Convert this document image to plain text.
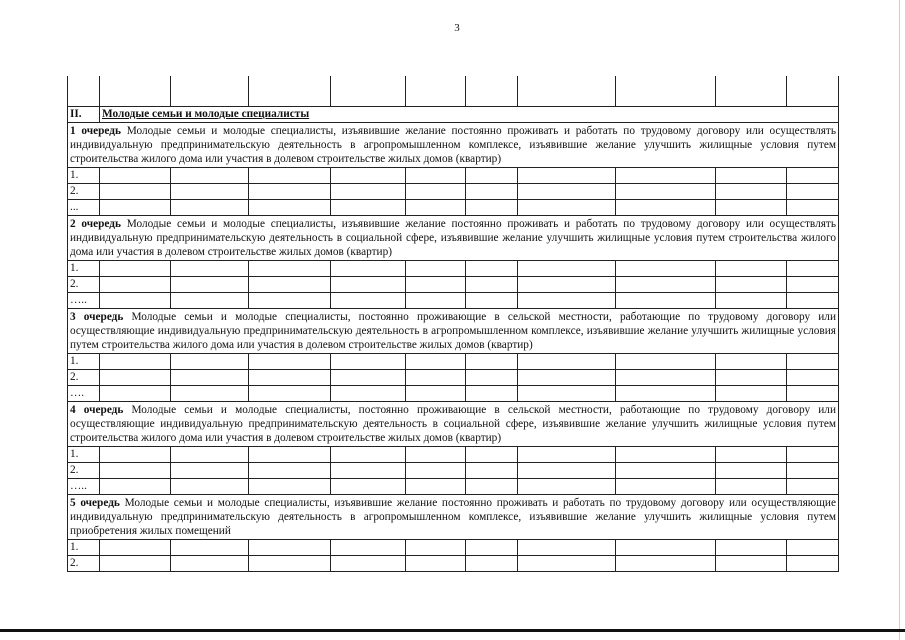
3

II.	Молодые семьи и молодые специалисты									
1 очередь Молодые семьи и молодые специалисты, изъявившие желание постоянно проживать и работать по трудовому договору или осуществлять индивидуальную предпринимательскую деятельность в агропромышленном комплексе, изъявившие желание улучшить жилищные условия путем строительства жилого дома или участия в долевом строительстве жилых домов (квартир)										
1.										
2.										
...										
2 очередь Молодые семьи и молодые специалисты, изъявившие желание постоянно проживать и работать по трудовому договору или осуществлять индивидуальную предпринимательскую деятельность в социальной сфере, изъявившие желание улучшить жилищные условия путем строительства жилого дома или участия в долевом строительстве жилых домов (квартир)										
1.										
2.										
…..										
3 очередь Молодые семьи и молодые специалисты, постоянно проживающие в сельской местности, работающие по трудовому договору или осуществляющие индивидуальную предпринимательскую деятельность в агропромышленном комплексе, изъявившие желание улучшить жилищные условия путем строительства жилого дома или участия в долевом строительстве жилых домов (квартир)										
1.										
2.										
….										
4 очередь Молодые семьи и молодые специалисты, постоянно проживающие в сельской местности, работающие по трудовому договору или осуществляющие индивидуальную предпринимательскую деятельность в социальной сфере, изъявившие желание улучшить жилищные условия путем строительства жилого дома или участия в долевом строительстве жилых домов (квартир)										
1.										
2.										
…..										
5 очередь Молодые семьи и молодые специалисты, изъявившие желание постоянно проживать и работать по трудовому договору или осуществляющие индивидуальную предпринимательскую деятельность в агропромышленном комплексе, изъявившие желание улучшить жилищные условия путем приобретения жилых помещений										
1.										
2.										
